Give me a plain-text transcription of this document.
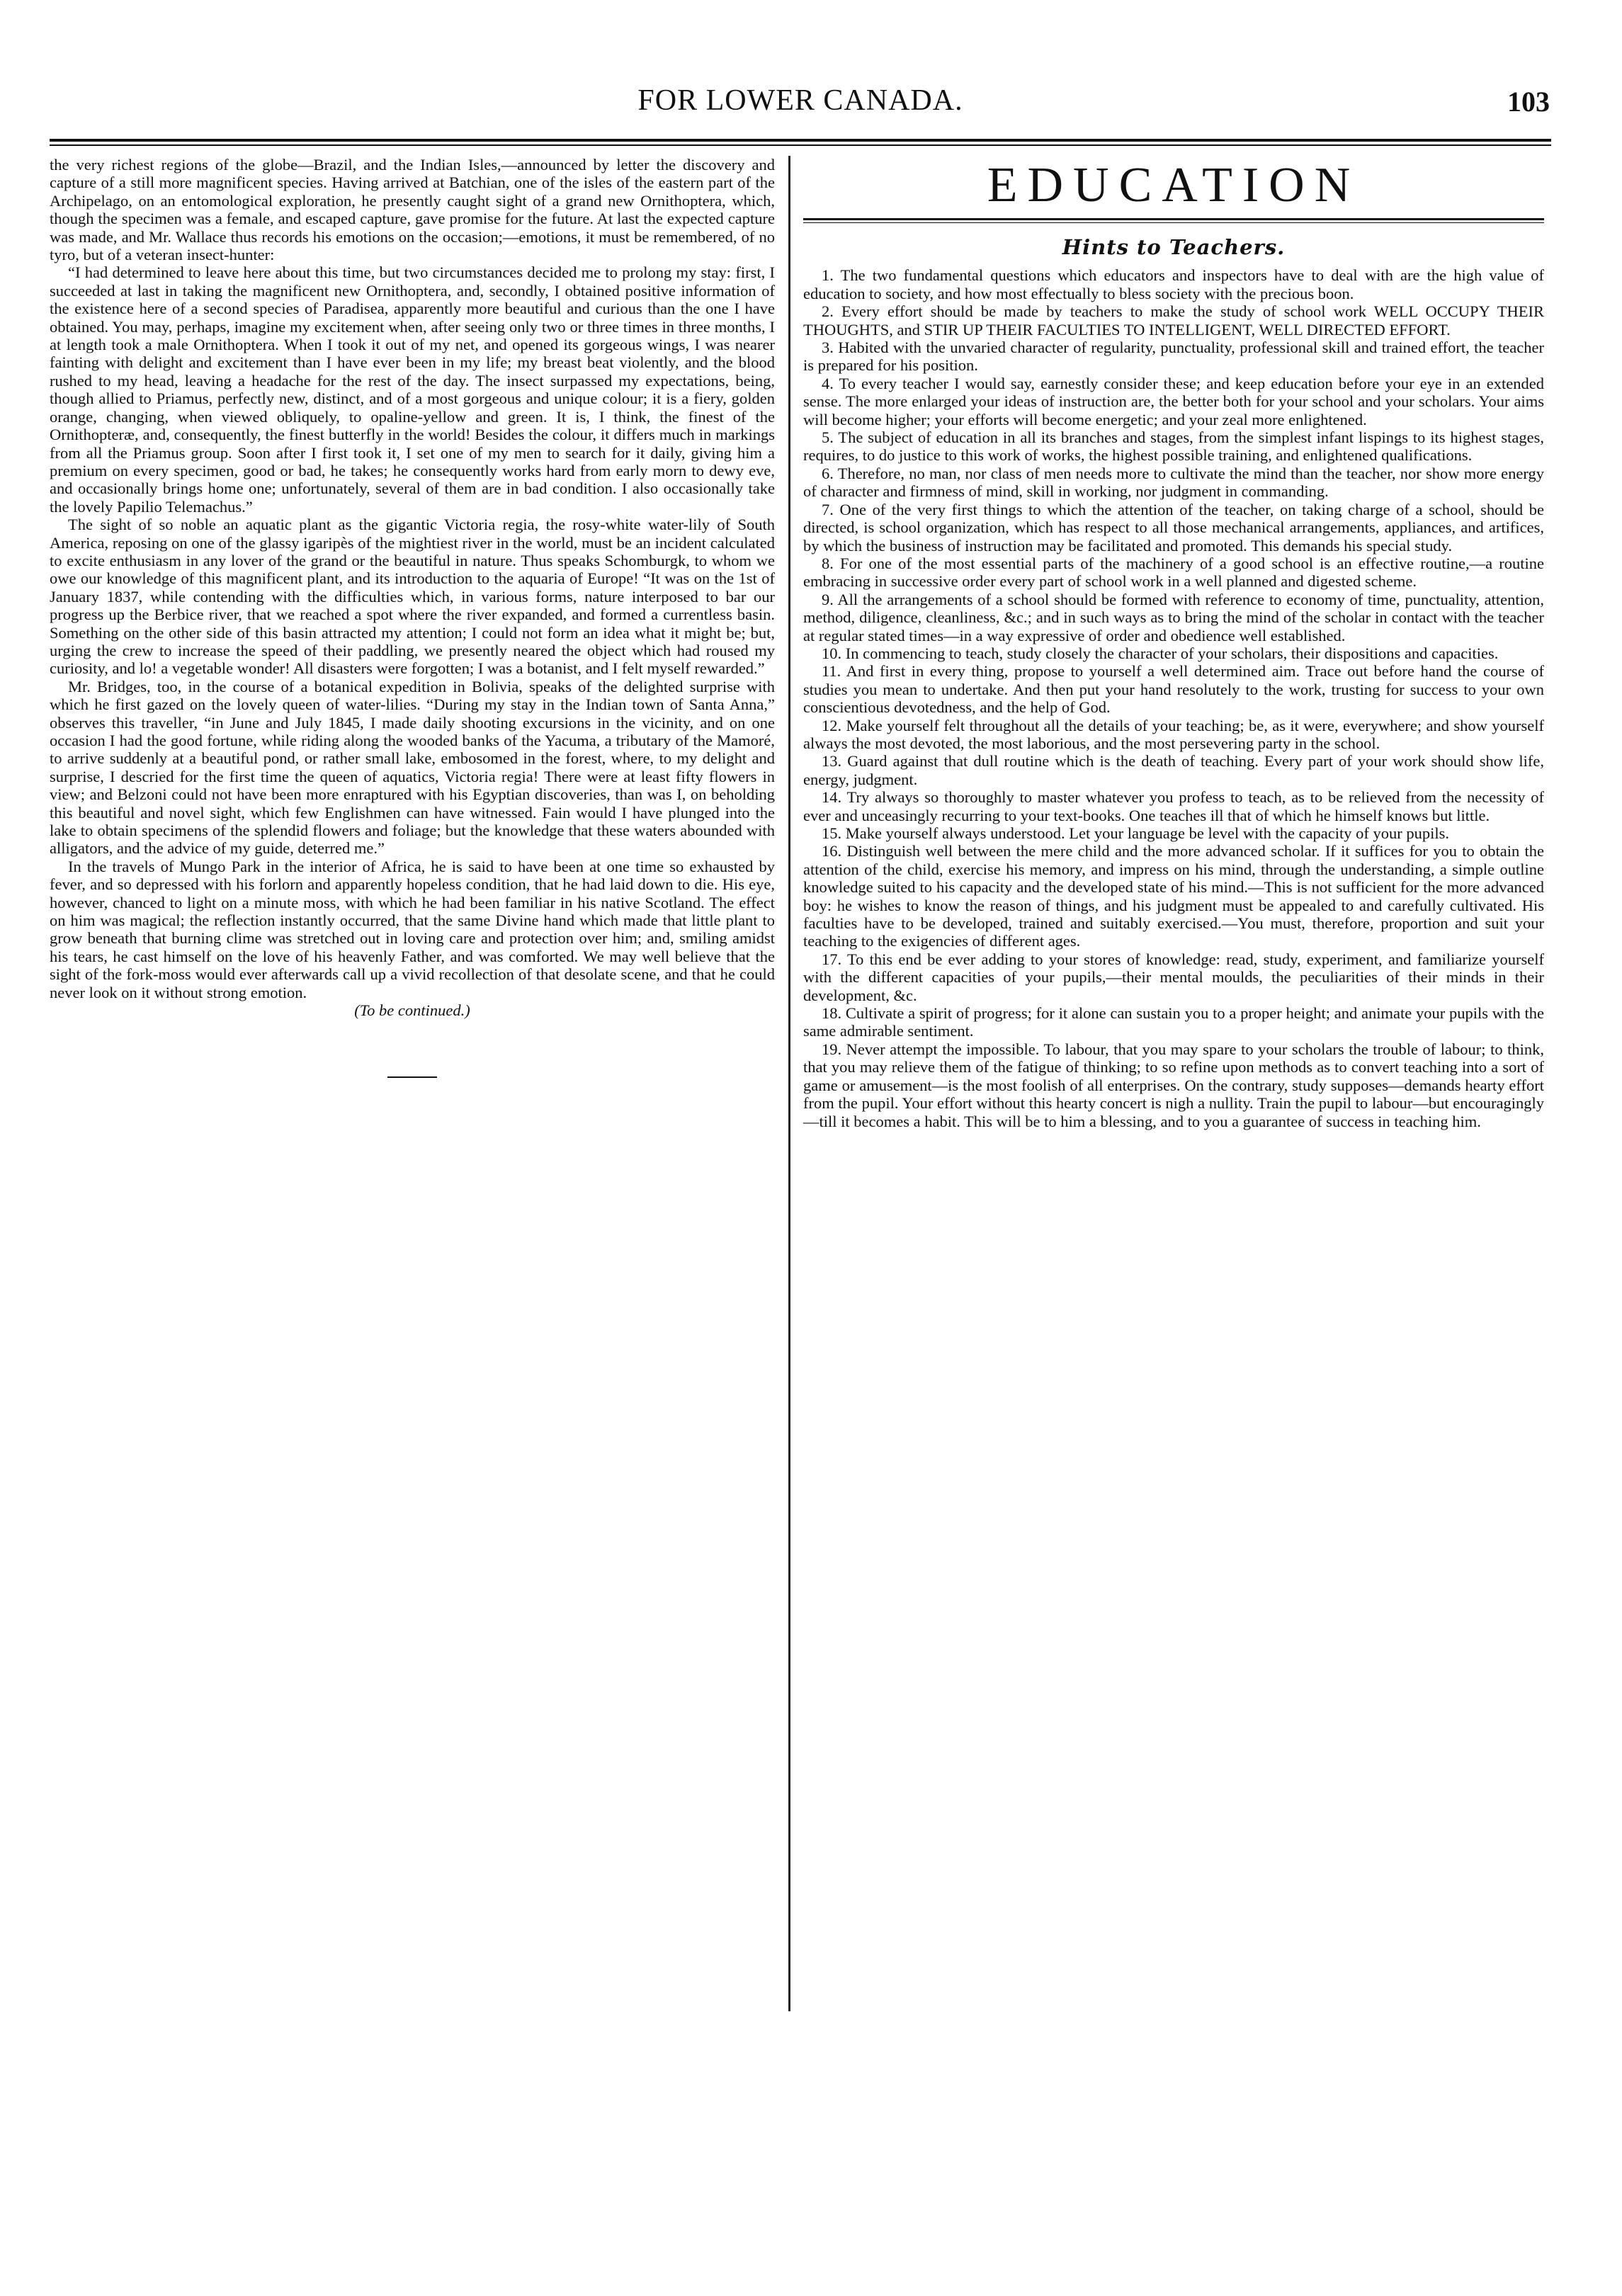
FOR LOWER CANADA.	103

the very richest regions of the globe—Brazil, and the Indian Isles,—announced by letter the discovery and capture of a still more magnificent species. Having arrived at Batchian, one of the isles of the eastern part of the Archipelago, on an entomological exploration, he presently caught sight of a grand new Ornithoptera, which, though the specimen was a female, and escaped capture, gave promise for the future. At last the expected capture was made, and Mr. Wallace thus records his emotions on the occasion;—emotions, it must be remembered, of no tyro, but of a veteran insect-hunter:

“I had determined to leave here about this time, but two circumstances decided me to prolong my stay: first, I succeeded at last in taking the magnificent new Ornithoptera, and, secondly, I obtained positive information of the existence here of a second species of Paradisea, apparently more beautiful and curious than the one I have obtained. You may, perhaps, imagine my excitement when, after seeing only two or three times in three months, I at length took a male Ornithoptera. When I took it out of my net, and opened its gorgeous wings, I was nearer fainting with delight and excitement than I have ever been in my life; my breast beat violently, and the blood rushed to my head, leaving a headache for the rest of the day. The insect surpassed my expectations, being, though allied to Priamus, perfectly new, distinct, and of a most gorgeous and unique colour; it is a fiery, golden orange, changing, when viewed obliquely, to opaline-yellow and green. It is, I think, the finest of the Ornithopteræ, and, consequently, the finest butterfly in the world! Besides the colour, it differs much in markings from all the Priamus group. Soon after I first took it, I set one of my men to search for it daily, giving him a premium on every specimen, good or bad, he takes; he consequently works hard from early morn to dewy eve, and occasionally brings home one; unfortunately, several of them are in bad condition. I also occasionally take the lovely Papilio Telemachus.”

The sight of so noble an aquatic plant as the gigantic Victoria regia, the rosy-white water-lily of South America, reposing on one of the glassy igaripès of the mightiest river in the world, must be an incident calculated to excite enthusiasm in any lover of the grand or the beautiful in nature. Thus speaks Schomburgk, to whom we owe our knowledge of this magnificent plant, and its introduction to the aquaria of Europe! “It was on the 1st of January 1837, while contending with the difficulties which, in various forms, nature interposed to bar our progress up the Berbice river, that we reached a spot where the river expanded, and formed a currentless basin. Something on the other side of this basin attracted my attention; I could not form an idea what it might be; but, urging the crew to increase the speed of their paddling, we presently neared the object which had roused my curiosity, and lo! a vegetable wonder! All disasters were forgotten; I was a botanist, and I felt myself rewarded.”

Mr. Bridges, too, in the course of a botanical expedition in Bolivia, speaks of the delighted surprise with which he first gazed on the lovely queen of water-lilies. “During my stay in the Indian town of Santa Anna,” observes this traveller, “in June and July 1845, I made daily shooting excursions in the vicinity, and on one occasion I had the good fortune, while riding along the wooded banks of the Yacuma, a tributary of the Mamoré, to arrive suddenly at a beautiful pond, or rather small lake, embosomed in the forest, where, to my delight and surprise, I descried for the first time the queen of aquatics, Victoria regia! There were at least fifty flowers in view; and Belzoni could not have been more enraptured with his Egyptian discoveries, than was I, on beholding this beautiful and novel sight, which few Englishmen can have witnessed. Fain would I have plunged into the lake to obtain specimens of the splendid flowers and foliage; but the knowledge that these waters abounded with alligators, and the advice of my guide, deterred me.”

In the travels of Mungo Park in the interior of Africa, he is said to have been at one time so exhausted by fever, and so depressed with his forlorn and apparently hopeless condition, that he had laid down to die. His eye, however, chanced to light on a minute moss, with which he had been familiar in his native Scotland. The effect on him was magical; the reflection instantly occurred, that the same Divine hand which made that little plant to grow beneath that burning clime was stretched out in loving care and protection over him; and, smiling amidst his tears, he cast himself on the love of his heavenly Father, and was comforted. We may well believe that the sight of the fork-moss would ever afterwards call up a vivid recollection of that desolate scene, and that he could never look on it without strong emotion.

(To be continued.)

EDUCATION
Hints to Teachers.

1. The two fundamental questions which educators and inspectors have to deal with are the high value of education to society, and how most effectually to bless society with the precious boon.

2. Every effort should be made by teachers to make the study of school work WELL OCCUPY THEIR THOUGHTS, and STIR UP THEIR FACULTIES TO INTELLIGENT, WELL DIRECTED EFFORT.

3. Habited with the unvaried character of regularity, punctuality, professional skill and trained effort, the teacher is prepared for his position.

4. To every teacher I would say, earnestly consider these; and keep education before your eye in an extended sense. The more enlarged your ideas of instruction are, the better both for your school and your scholars. Your aims will become higher; your efforts will become energetic; and your zeal more enlightened.

5. The subject of education in all its branches and stages, from the simplest infant lispings to its highest stages, requires, to do justice to this work of works, the highest possible training, and enlightened qualifications.

6. Therefore, no man, nor class of men needs more to cultivate the mind than the teacher, nor show more energy of character and firmness of mind, skill in working, nor judgment in commanding.

7. One of the very first things to which the attention of the teacher, on taking charge of a school, should be directed, is school organization, which has respect to all those mechanical arrangements, appliances, and artifices, by which the business of instruction may be facilitated and promoted. This demands his special study.

8. For one of the most essential parts of the machinery of a good school is an effective routine,—a routine embracing in successive order every part of school work in a well planned and digested scheme.

9. All the arrangements of a school should be formed with reference to economy of time, punctuality, attention, method, diligence, cleanliness, &c.; and in such ways as to bring the mind of the scholar in contact with the teacher at regular stated times—in a way expressive of order and obedience well established.

10. In commencing to teach, study closely the character of your scholars, their dispositions and capacities.

11. And first in every thing, propose to yourself a well determined aim. Trace out before hand the course of studies you mean to undertake. And then put your hand resolutely to the work, trusting for success to your own conscientious devotedness, and the help of God.

12. Make yourself felt throughout all the details of your teaching; be, as it were, everywhere; and show yourself always the most devoted, the most laborious, and the most persevering party in the school.

13. Guard against that dull routine which is the death of teaching. Every part of your work should show life, energy, judgment.

14. Try always so thoroughly to master whatever you profess to teach, as to be relieved from the necessity of ever and unceasingly recurring to your text-books. One teaches ill that of which he himself knows but little.

15. Make yourself always understood. Let your language be level with the capacity of your pupils.

16. Distinguish well between the mere child and the more advanced scholar. If it suffices for you to obtain the attention of the child, exercise his memory, and impress on his mind, through the understanding, a simple outline knowledge suited to his capacity and the developed state of his mind.—This is not sufficient for the more advanced boy: he wishes to know the reason of things, and his judgment must be appealed to and carefully cultivated. His faculties have to be developed, trained and suitably exercised.—You must, therefore, proportion and suit your teaching to the exigencies of different ages.

17. To this end be ever adding to your stores of knowledge: read, study, experiment, and familiarize yourself with the different capacities of your pupils,—their mental moulds, the peculiarities of their minds in their development, &c.

18. Cultivate a spirit of progress; for it alone can sustain you to a proper height; and animate your pupils with the same admirable sentiment.

19. Never attempt the impossible. To labour, that you may spare to your scholars the trouble of labour; to think, that you may relieve them of the fatigue of thinking; to so refine upon methods as to convert teaching into a sort of game or amusement—is the most foolish of all enterprises. On the contrary, study supposes—demands hearty effort from the pupil. Your effort without this hearty concert is nigh a nullity. Train the pupil to labour—but encouragingly—till it becomes a habit. This will be to him a blessing, and to you a guarantee of success in teaching him.
